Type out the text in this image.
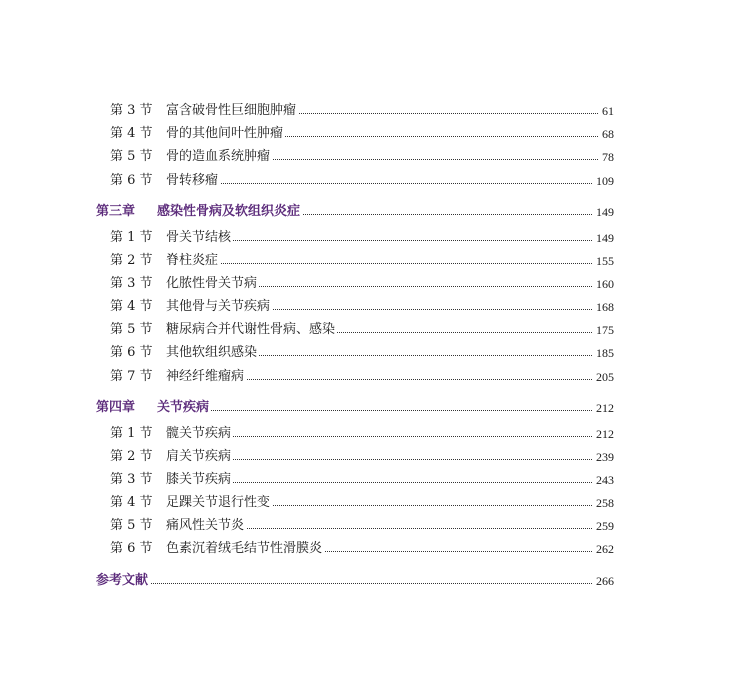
第 3 节 富含破骨性巨细胞肿瘤	61
第 4 节 骨的其他间叶性肿瘤	68
第 5 节 骨的造血系统肿瘤	78
第 6 节 骨转移瘤	109
第三章 感染性骨病及软组织炎症	149
第 1 节 骨关节结核	149
第 2 节 脊柱炎症	155
第 3 节 化脓性骨关节病	160
第 4 节 其他骨与关节疾病	168
第 5 节 糖尿病合并代谢性骨病、感染	175
第 6 节 其他软组织感染	185
第 7 节 神经纤维瘤病	205
第四章 关节疾病	212
第 1 节 髋关节疾病	212
第 2 节 肩关节疾病	239
第 3 节 膝关节疾病	243
第 4 节 足踝关节退行性变	258
第 5 节 痛风性关节炎	259
第 6 节 色素沉着绒毛结节性滑膜炎	262
参考文献	266
